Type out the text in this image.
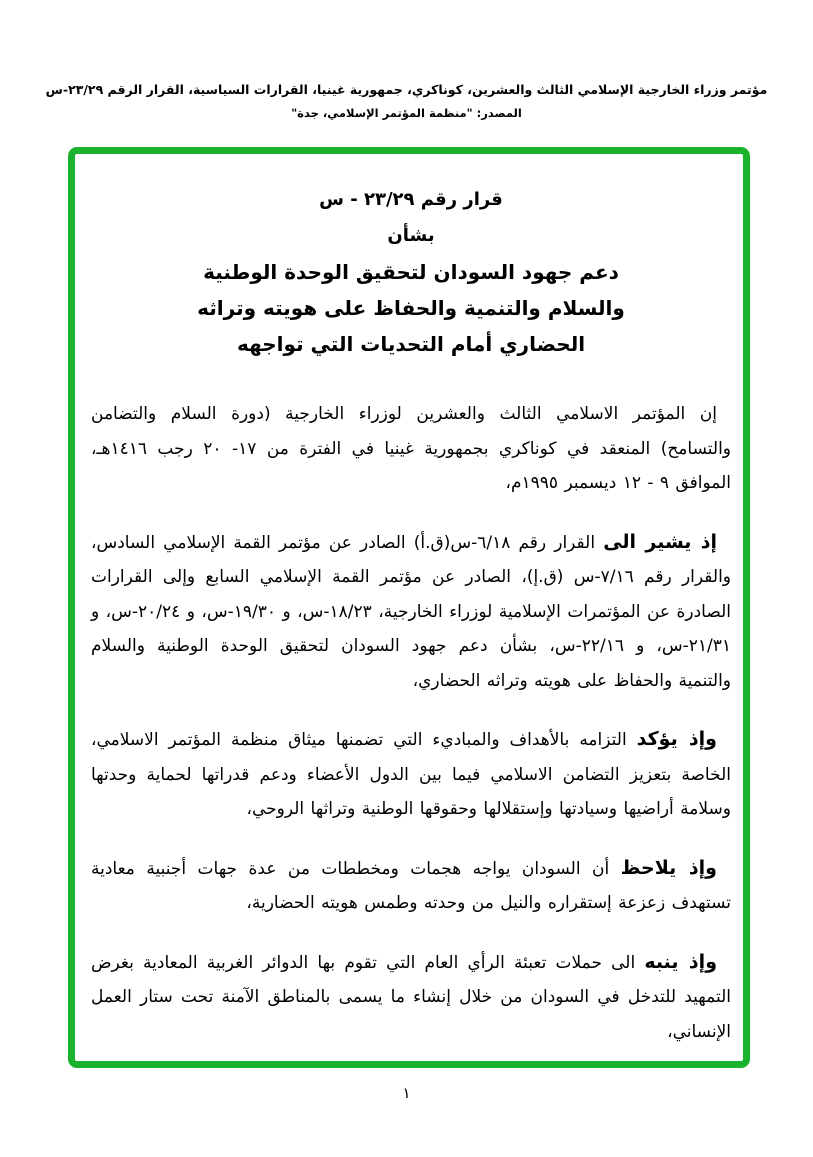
مؤتمر وزراء الخارجية الإسلامي الثالث والعشرين، كوناكري، جمهورية غينيا، القرارات السياسية، القرار الرقم ٢٣/٢٩-س
المصدر: "منظمة المؤتمر الإسلامي، جدة"
قرار رقم ٢٣/٢٩ - س
بشأن
دعم جهود السودان لتحقيق الوحدة الوطنية
والسلام والتنمية والحفاظ على هويته وتراثه
الحضاري أمام التحديات التي تواجهه

إن المؤتمر الاسلامي الثالث والعشرين لوزراء الخارجية (دورة السلام والتضامن والتسامح) المنعقد في كوناكري بجمهورية غينيا في الفترة من ١٧- ٢٠ رجب ١٤١٦هـ، الموافق ٩ - ١٢ ديسمبر ١٩٩٥م،

إذ يشير الى القرار رقم ٦/١٨-س(ق.أ) الصادر عن مؤتمر القمة الإسلامي السادس، والقرار رقم ٧/١٦-س (ق.إ)، الصادر عن مؤتمر القمة الإسلامي السابع وإلى القرارات الصادرة عن المؤتمرات الإسلامية لوزراء الخارجية، ١٨/٢٣-س، و ١٩/٣٠-س، و ٢٠/٢٤-س، و ٢١/٣١-س، و ٢٢/١٦-س، بشأن دعم جهود السودان لتحقيق الوحدة الوطنية والسلام والتنمية والحفاظ على هويته وتراثه الحضاري،

وإذ يؤكد التزامه بالأهداف والمباديء التي تضمنها ميثاق منظمة المؤتمر الاسلامي، الخاصة بتعزيز التضامن الاسلامي فيما بين الدول الأعضاء ودعم قدراتها لحماية وحدتها وسلامة أراضيها وسيادتها وإستقلالها وحقوقها الوطنية وتراثها الروحي،

وإذ يلاحظ أن السودان يواجه هجمات ومخططات من عدة جهات أجنبية معادية تستهدف زعزعة إستقراره والنيل من وحدته وطمس هويته الحضارية،

وإذ ينبه الى حملات تعبئة الرأي العام التي تقوم بها الدوائر الغربية المعادية بغرض التمهيد للتدخل في السودان من خلال إنشاء ما يسمى بالمناطق الآمنة تحت ستار العمل الإنساني،

١
